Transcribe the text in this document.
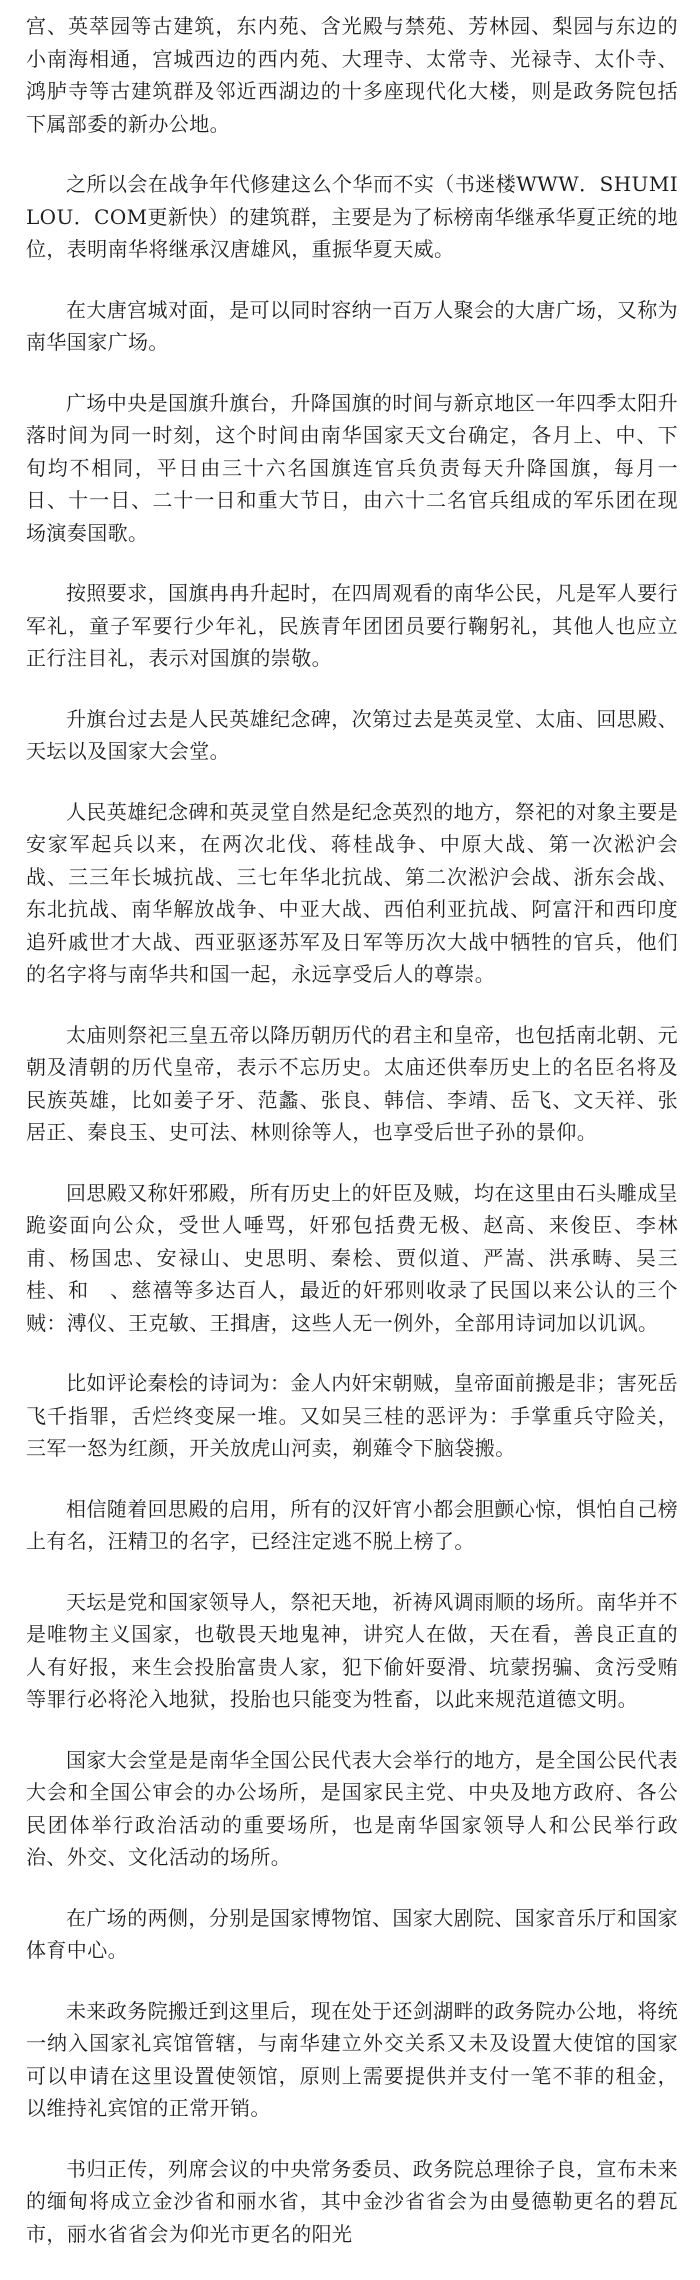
宫、英萃园等古建筑，东内苑、含光殿与禁苑、芳林园、梨园与东边的小南海相通，宫城西边的西内苑、大理寺、太常寺、光禄寺、太仆寺、鸿胪寺等古建筑群及邻近西湖边的十多座现代化大楼，则是政务院包括下属部委的新办公地。

之所以会在战争年代修建这么个华而不实（书迷楼WWW．SHUMILOU．COM更新快）的建筑群，主要是为了标榜南华继承华夏正统的地位，表明南华将继承汉唐雄风，重振华夏天威。

在大唐宫城对面，是可以同时容纳一百万人聚会的大唐广场，又称为南华国家广场。

广场中央是国旗升旗台，升降国旗的时间与新京地区一年四季太阳升落时间为同一时刻，这个时间由南华国家天文台确定，各月上、中、下旬均不相同，平日由三十六名国旗连官兵负责每天升降国旗，每月一日、十一日、二十一日和重大节日，由六十二名官兵组成的军乐团在现场演奏国歌。

按照要求，国旗冉冉升起时，在四周观看的南华公民，凡是军人要行军礼，童子军要行少年礼，民族青年团团员要行鞠躬礼，其他人也应立正行注目礼，表示对国旗的崇敬。

升旗台过去是人民英雄纪念碑，次第过去是英灵堂、太庙、回思殿、天坛以及国家大会堂。

人民英雄纪念碑和英灵堂自然是纪念英烈的地方，祭祀的对象主要是安家军起兵以来，在两次北伐、蒋桂战争、中原大战、第一次淞沪会战、三三年长城抗战、三七年华北抗战、第二次淞沪会战、浙东会战、东北抗战、南华解放战争、中亚大战、西伯利亚抗战、阿富汗和西印度追歼戚世才大战、西亚驱逐苏军及日军等历次大战中牺牲的官兵，他们的名字将与南华共和国一起，永远享受后人的尊崇。

太庙则祭祀三皇五帝以降历朝历代的君主和皇帝，也包括南北朝、元朝及清朝的历代皇帝，表示不忘历史。太庙还供奉历史上的名臣名将及民族英雄，比如姜子牙、范蠡、张良、韩信、李靖、岳飞、文天祥、张居正、秦良玉、史可法、林则徐等人，也享受后世子孙的景仰。

回思殿又称奸邪殿，所有历史上的奸臣及贼，均在这里由石头雕成呈跪姿面向公众，受世人唾骂，奸邪包括费无极、赵高、来俊臣、李林甫、杨国忠、安禄山、史思明、秦桧、贾似道、严嵩、洪承畴、吴三桂、和　、慈禧等多达百人，最近的奸邪则收录了民国以来公认的三个贼：溥仪、王克敏、王揖唐，这些人无一例外，全部用诗词加以讥讽。

比如评论秦桧的诗词为：金人内奸宋朝贼，皇帝面前搬是非；害死岳飞千指罪，舌烂终变屎一堆。又如吴三桂的恶评为：手掌重兵守险关，三军一怒为红颜，开关放虎山河卖，剃薙令下脑袋搬。

相信随着回思殿的启用，所有的汉奸宵小都会胆颤心惊，惧怕自己榜上有名，汪精卫的名字，已经注定逃不脱上榜了。

天坛是党和国家领导人，祭祀天地，祈祷风调雨顺的场所。南华并不是唯物主义国家，也敬畏天地鬼神，讲究人在做，天在看，善良正直的人有好报，来生会投胎富贵人家，犯下偷奸耍滑、坑蒙拐骗、贪污受贿等罪行必将沦入地狱，投胎也只能变为牲畜，以此来规范道德文明。

国家大会堂是是南华全国公民代表大会举行的地方，是全国公民代表大会和全国公审会的办公场所，是国家民主党、中央及地方政府、各公民团体举行政治活动的重要场所，也是南华国家领导人和公民举行政治、外交、文化活动的场所。

在广场的两侧，分别是国家博物馆、国家大剧院、国家音乐厅和国家体育中心。

未来政务院搬迁到这里后，现在处于还剑湖畔的政务院办公地，将统一纳入国家礼宾馆管辖，与南华建立外交关系又未及设置大使馆的国家可以申请在这里设置使领馆，原则上需要提供并支付一笔不菲的租金，以维持礼宾馆的正常开销。

书归正传，列席会议的中央常务委员、政务院总理徐子良，宣布未来的缅甸将成立金沙省和丽水省，其中金沙省省会为由曼德勒更名的碧瓦市，丽水省省会为仰光市更名的阳光
